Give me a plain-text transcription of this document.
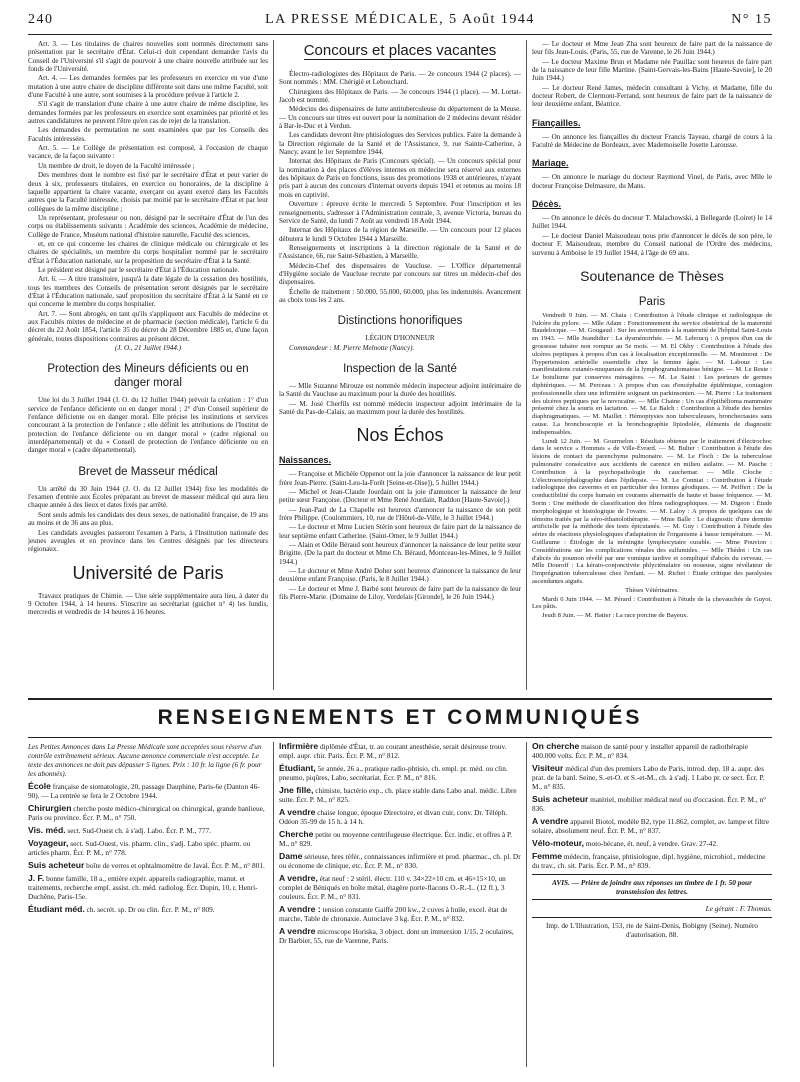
240	LA PRESSE MÉDICALE, 5 Août 1944	N° 15

Art. 3. — Les titulaires de chaires nouvelles sont nommés directement sans présentation par le secrétaire d'État. Celui-ci doit cependant demander l'avis du Conseil de l'Université s'il s'agit de pourvoir à une chaire nouvelle attribuée sur les fonds de l'Université.

Art. 4. — Les demandes formées par les professeurs en exercice en vue d'une mutation à une autre chaire de discipline différente soit dans une même Faculté, soit d'une Faculté à une autre, sont soumises à la procédure prévue à l'article 2.

S'il s'agit de translation d'une chaire à une autre chaire de même discipline, les demandes formées par les professeurs en exercice sont examinées par priorité et les autres candidatures ne peuvent l'être qu'en cas de rejet de la translation.

Les demandes de permutation ne sont examinées que par les Conseils des Facultés intéressées.

Art. 5. — Le Collège de présentation est composé, à l'occasion de chaque vacance, de la façon suivante :

Un membre de droit, le doyen de la Faculté intéressée ;

Des membres dont le nombre est fixé par le secrétaire d'État et peut varier de deux à six, professeurs titulaires, en exercice ou honoraires, de la discipline à laquelle appartient la chaire vacante, exerçant ou ayant exercé dans les Facultés autres que la Faculté intéressée, choisis par moitié par le secrétaire d'État et par leur collègues de la même discipline ;

Un représentant, professeur ou non, désigné par le secrétaire d'État de l'un des corps ou établissements suivants : Académie des sciences, Académie de médecine, Collège de France, Muséum national d'histoire naturelle, Faculté des sciences,

et, en ce qui concerne les chaires de clinique médicale ou chirurgicale et les chaires de spécialités, un membre du corps hospitalier nommé par le secrétaire d'État à l'Éducation nationale, sur la proposition du secrétaire d'État à la Santé.

Le président est désigné par le secrétaire d'État à l'Éducation nationale.

Art. 6. — A titre transitoire, jusqu'à la date légale de la cessation des hostilités, tous les membres des Conseils de présentation seront désignés par le secrétaire d'État à l'Éducation nationale, sauf proposition du secrétaire d'État à la Santé en ce qui concerne le membre du corps hospitalier.

Art. 7. — Sont abrogés, en tant qu'ils s'appliquent aux Facultés de médecine et aux Facultés mixtes de médecine et de pharmacie (section médicale), l'article 6 du décret du 22 Août 1854, l'article 35 du décret du 28 Décembre 1885 et, d'une façon générale, toutes dispositions contraires au présent décret.

(J. O., 21 Juillet 1944.)

Protection des Mineurs déficients ou en danger moral

Une loi du 3 Juillet 1944 (J. O. du 12 Juillet 1944) prévoit la création : 1° d'un service de l'enfance déficiente ou en danger moral ; 2° d'un Conseil supérieur de l'enfance déficiente ou en danger moral. Elle précise les institutions et services concourant à la protection de l'enfance ; elle définit les attributions de l'Institut de protection de l'enfance déficiente ou en danger moral » (cadre régional ou interdépartemental) et du « Conseil de protection de l'enfance déficiente ou en danger moral » (cadre départemental).

Brevet de Masseur médical

Un arrêté du 30 Juin 1944 (J. O. du 12 Juillet 1944) fixe les modalités de l'examen d'entrée aux Écoles préparant au brevet de masseur médical qui aura lieu chaque année à des lieux et dates fixés par arrêté.

Sont seuls admis les candidats des deux sexes, de nationalité française, de 19 ans au moins et de 36 ans au plus.

Les candidats aveugles passeront l'examen à Paris, à l'Institution nationale des jeunes aveugles et en province dans les Centres désignés par les directeurs régionaux.

Université de Paris

Travaux pratiques de Chimie. — Une série supplémentaire aura lieu, à dater du 9 Octobre 1944, à 14 heures. S'inscrire au secrétariat (guichet n° 4) les lundis, mercredis et vendredis de 14 heures à 16 heures.

Concours et places vacantes

Électro-radiologistes des Hôpitaux de Paris. — 2e concours 1944 (2 places). — Sont nommés : MM. Chérigié et Lebouchard.

Chirurgiens des Hôpitaux de Paris. — 3e concours 1944 (1 place). — M. Lortat-Jacob est nommé.

Médecins des dispensaires de lutte antituberculeuse du département de la Meuse. — Un concours sur titres est ouvert pour la nomination de 2 médecins devant résider à Bar-le-Duc et à Verdun.

Les candidats devront être phtisiologues des Services publics. Faire la demande à la Direction régionale de la Santé et de l'Assistance, 9, rue Sainte-Catherine, à Nancy, avant le 1er Septembre 1944.

Internat des Hôpitaux de Paris (Concours spécial). — Un concours spécial pour la nomination à des places d'élèves internes en médecine sera réservé aux externes des hôpitaux de Paris en fonctions, issus des promotions 1938 et antérieures, n'ayant pris part à aucun des concours d'internat ouverts depuis 1941 et retenus au moins 18 mois en captivité.

Ouverture : épreuve écrite le mercredi 5 Septembre. Pour l'inscription et les renseignements, s'adresser à l'Administration centrale, 3, avenue Victoria, bureau du Service de Santé, du lundi 7 Août au vendredi 18 Août 1944.

Internat des Hôpitaux de la région de Marseille. — Un concours pour 12 places débutera le lundi 9 Octobre 1944 à Marseille.

Renseignements et inscriptions à la direction régionale de la Santé et de l'Assistance, 66, rue Saint-Sébastien, à Marseille.

Médecin-Chef des dispensaires de Vaucluse. — L'Office départemental d'Hygiène sociale de Vaucluse recrute par concours sur titres un médecin-chef des dispensaires.

Échelle de traitement : 50.000, 55.000, 60.000, plus les indemnités. Avancement au choix tous les 2 ans.

Distinctions honorifiques

LÉGION D'HONNEUR

Commandeur : M. Pierre Melnotte (Nancy).

Inspection de la Santé

— Mlle Suzanne Mirouze est nommée médecin inspecteur adjoint intérimaire de la Santé du Vaucluse au maximum pour la durée des hostilités.

— M. José Cherfils est nommé médecin inspecteur adjoint intérimaire de la Santé du Pas-de-Calais, au maximum pour la durée des hostilités.

Nos Échos
Naissances.

— Françoise et Michèle Oppenot ont la joie d'annoncer la naissance de leur petit frère Jean-Pierre. (Saint-Leu-la-Forêt [Seine-et-Oise]), 5 Juillet 1944.)

— Michel et Jean-Claude Jourdain ont la joie d'annoncer la naissance de leur petite sœur Françoise. (Docteur et Mme René Jourdain, Raddon [Haute-Savoie].)

— Jean-Paul de La Chapelle est heureux d'annoncer la naissance de son petit frère Philippe. (Coulommiers, 10, rue de l'Hôtel-de-Ville, le 3 Juillet 1944.)

— Le docteur et Mme Lucien Stérin sont heureux de faire part de la naissance de leur septième enfant Catherine. (Saint-Omer, le 9 Juillet 1944.)

— Alain et Odile Béraud sont heureux d'annoncer la naissance de leur petite sœur Brigitte. (De la part du docteur et Mme Ch. Béraud, Montceau-les-Mines, le 9 Juillet 1944.)

— Le docteur et Mme André Doher sont heureux d'annoncer la naissance de leur deuxième enfant Françoise. (Paris, le 8 Juillet 1944.)

— Le docteur et Mme J. Barbé sont heureux de faire part de la naissance de leur fils Pierre-Marie. (Domaine de Liloy, Verdelais [Gironde], le 26 Juin 1944.)

— Le docteur et Mme Jean Zha sont heureux de faire part de la naissance de leur fils Jean-Louis. (Paris, 55, rue de Varenne, le 26 Juin 1944.)

— Le docteur Maxime Brun et Madame née Pauillac sont heureux de faire part de la naissance de leur fille Martine. (Saint-Gervais-les-Bains [Haute-Savoie], le 20 Juin 1944.)

— Le docteur René James, médecin consultant à Vichy, et Madame, fille du docteur Robert, de Clermont-Ferrand, sont heureux de faire part de la naissance de leur deuxième enfant, Béatrice.

Fiançailles.

— On annonce les fiançailles du docteur Francis Tayeau, chargé de cours à la Faculté de Médecine de Bordeaux, avec Mademoiselle Josette Larousse.

Mariage.

— On annonce le mariage du docteur Raymond Vinel, de Paris, avec Mlle le docteur Françoise Delmasure, du Mans.

Décès.

— On annonce le décès du docteur T. Malachowski, à Bellegarde (Loiret) le 14 Juillet 1944.

— Le docteur Daniel Maisoudeau nous prie d'annoncer le décès de son père, le docteur F. Maisoudeau, membre du Conseil national de l'Ordre des médecins, survenu à Amboise le 19 Juillet 1944, à l'âge de 69 ans.

Soutenance de Thèses
Paris

Vendredi 9 Juin. — M. Chaia : Contribution à l'étude clinique et radiologique de l'ulcère du pylore. — Mlle Adam : Fonctionnement du service obstétrical de la maternité Baudelocque. — M. Gougaud : Sur les avortements à la maternité de l'hôpital Saint-Louis en 1943. — Mlle Jeandidier : La dysménorrhée. — M. Leboucq : A propos d'un cas de grossesse tubaire non rompue au 5e mois. — M. El Okby : Contribution à l'étude des ulcères peptiques à propos d'un cas à localisation exceptionnelle. — M. Montmont : De l'hypertension artérielle essentielle chez la femme âgée. — M. Labouz : Les manifestations cutanéo-muqueuses de la lymphogranulomatose bénigne. — M. Le Reste : Le botulisme par conserves ménagères. — M. Le Saint : Les porteurs de germes diphtériques. — M. Perceau : A propos d'un cas d'encéphalite épidémique, contagion professionnelle chez une infirmière soignant un parkinsonien. — M. Pierre : Le traitement des ulcères peptiques par la novocaïne. — Mlle Chaine : Un cas d'épithélioma mammaire présenté chez la souris en lactation. — M. Le Balch : Contribution à l'étude des hernies diaphragmatiques. — M. Maillet : Hémoptysies non tuberculeuses, bronchectasies sans cause. La bronchoscopie et la bronchographie lipiodolée, éléments de diagnostic indispensables.

Lundi 12 Juin. — M. Gourmelon : Résultats obtenus par le traitement d'électrochoc dans le service « Hommes » de Ville-Évrard. — M. Bulter : Contribution à l'étude des lésions de contact du parenchyme pulmonaire. — M. Le Floch : De la tuberculose pulmonaire consécutive aux accidents de carence en milieu asilaire. — M. Pasche : Contribution à la psychopathologie du cauchemar. — Mlle Cloche : L'électroencéphalographie dans l'épilepsie. — M. Le Conniat : Contribution à l'étude radiologique des cavernes et en particulier des formes géodiques. — M. Peiffert : De la conductibilité du corps humain en courants alternatifs de haute et basse fréquence. — M. Sorin : Une méthode de classification des films radiographiques. — M. Digeon : Étude morphologique et histologique de l'ovaire. — M. Laloy : A propos de quelques cas de témoins traités par la séro-éthanolothérapie. — Mme Balle : Le diagnostic d'une dermite artificielle par la méthode des tests épicutanés. — M. Guy : Contribution à l'étude des séries de réactions physiologiques d'adaptation de l'organisme à basse température. — M. Guillaume : Étiologie de la méningite lymphocytaire curable. — Mme Pouvion : Considérations sur les complications rénales des sulfamides. — Mlle Thédot : Un cas d'abcès du poumon révélé par une vomique tardive et compliqué d'abcès du cerveau. — Mlle Douroff : La kérato-conjonctivite phlycténulaire ou noueuse, signe révélateur de l'imprégnation tuberculeuse chez l'enfant. — M. Richet : Étude critique des paralysies ascendantes aiguës.

Thèses Vétérinaires.

Mardi 6 Juin 1944. — M. Pérard : Contribution à l'étude de la chevauchée de Guyot. Les pâtis.

Jeudi 8 Juin. — M. Hatier : La race porcine de Bayeux.

RENSEIGNEMENTS ET COMMUNIQUÉS

Les Petites Annonces dans La Presse Médicale sont acceptées sous réserve d'un contrôle extrêmement sérieux. Aucune annonce commerciale n'est acceptée. Le texte des annonces ne doit pas dépasser 5 lignes. Prix : 10 fr. la ligne (6 fr. pour les abonnés).

École française de stomatologie, 20, passage Dauphine, Paris-6e (Danton 46-90). — La rentrée se fera le 2 Octobre 1944.

Chirurgien cherche poste médico-chirurgical ou chirurgical, grande banlieue, Paris ou province. Écr. P. M., n° 750.

Vis. méd. sect. Sud-Ouest ch. à s'adj. Labo. Écr. P. M., 777.

Voyageur, sect. Sud-Ouest, vis. pharm. clin., s'adj. Labo spéc. pharm. ou articles pharm. Écr. P. M., n° 778.

Suis acheteur boîte de verres et ophtalmomètre de Javal. Écr. P. M., n° 801.

J. F. bonne famille, 18 a., entière expér. appareils radiographie, manut. et traitements, recherche empl. assist. ch. méd. radiolog. Écr. Dupin, 10, r. Henri-Duchêne, Paris-15e.

Étudiant méd. ch. secrét. sp. Dr ou clin. Écr. P. M., n° 809.

Infirmière diplômée d'État, tr. au courant anesthésie, serait désireuse trouv. empl. aupr. chir. Paris. Écr. P. M., n° 812.

Étudiant, 5e année, 26 a., pratique radio-phtisio, ch. empl. pr. méd. ou clin. pneumo, piqûres, Labo, secrétariat. Écr. P. M., n° 816.

Jne fille, chimiste, bactério exp., ch. place stable dans Labo anal. médic. Libre suite. Écr. P. M., n° 825.

A vendre chaise longue, époque Directoire, et divan cuir, conv. Dr. Téléph. Odéon 35-99 de 15 h. à 14 h.

Cherche petite ou moyenne centrifugeuse électrique. Écr. indic. et offres à P. M., n° 829.

Dame sérieuse, hres référ., connaissances infirmière et prod. pharmac., ch. pl. Dr ou économe de clinique, etc. Écr. P. M., n° 830.

A vendre, état neuf : 2 stéril. électr. 110 v. 34×22×10 cm. et 46×15×10, un complet de Béniqués en boîte métal, étagère porte-flacons O.-R.-L. (12 fl.), 3 couleurs. Écr. P. M., n° 831.

A vendre : tension constante Gaiffe 200 kw., 2 cuves à huile, excel. état de marche, Table de chronaxie. Autoclave 3 kg. Écr. P. M., n° 832.

A vendre microscope Horiska, 3 object. dont un immersion 1/15, 2 oculaires, Dr Barbier, 55, rue de Varenne, Paris.

On cherche maison de santé pour y installer appareil de radiothérapie 400.000 volts. Écr. P. M., n° 834.

Visiteur médical d'un des premiers Labo de Paris, introd. dep. 18 a. aupr. des prat. de la banl. Seine, S.-et-O. et S.-et-M., ch. à s'adj. 1 Labo pr. ce sect. Écr. P. M., n° 835.

Suis acheteur matériel, mobilier médical neuf ou d'occasion. Écr. P. M., n° 836.

A vendre appareil Biotol, modèle B2, type 11.862, complet, av. lampe et filtre solaire, absolument neuf. Écr. P. M., n° 837.

Vélo-moteur, moto-bécane, ét. neuf, à vendre. Grav. 27-42.

Femme médecin, française, phtisiologue, dipl. hygiène, microbiol., médecine du trav., ch. sit. Paris. Écr. P. M., n° 839.

AVIS. — Prière de joindre aux réponses un timbre de 1 fr. 50 pour transmission des lettres.

Le gérant : F. Thomas.

Imp. de L'Illustration, 153, rte de Saint-Denis, Bobigny (Seine). Numéro d'autorisation, 88.
